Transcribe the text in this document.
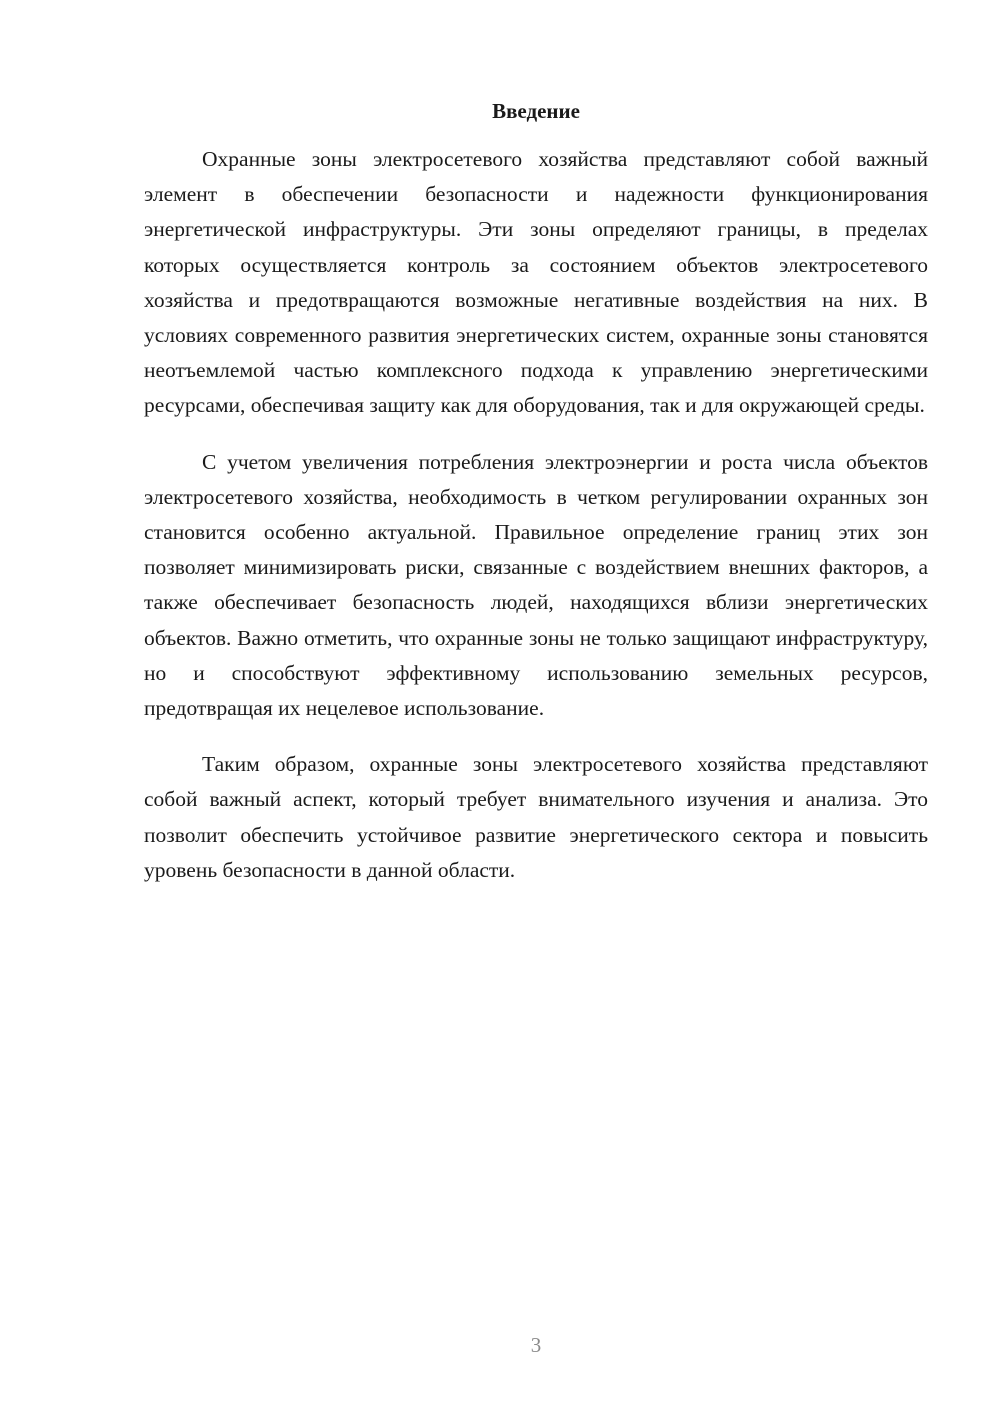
Введение

Охранные зоны электросетевого хозяйства представляют собой важный элемент в обеспечении безопасности и надежности функционирования энергетической инфраструктуры. Эти зоны определяют границы, в пределах которых осуществляется контроль за состоянием объектов электросетевого хозяйства и предотвращаются возможные негативные воздействия на них. В условиях современного развития энергетических систем, охранные зоны становятся неотъемлемой частью комплексного подхода к управлению энергетическими ресурсами, обеспечивая защиту как для оборудования, так и для окружающей среды.

С учетом увеличения потребления электроэнергии и роста числа объектов электросетевого хозяйства, необходимость в четком регулировании охранных зон становится особенно актуальной. Правильное определение границ этих зон позволяет минимизировать риски, связанные с воздействием внешних факторов, а также обеспечивает безопасность людей, находящихся вблизи энергетических объектов. Важно отметить, что охранные зоны не только защищают инфраструктуру, но и способствуют эффективному использованию земельных ресурсов, предотвращая их нецелевое использование.

Таким образом, охранные зоны электросетевого хозяйства представляют собой важный аспект, который требует внимательного изучения и анализа. Это позволит обеспечить устойчивое развитие энергетического сектора и повысить уровень безопасности в данной области.

3
